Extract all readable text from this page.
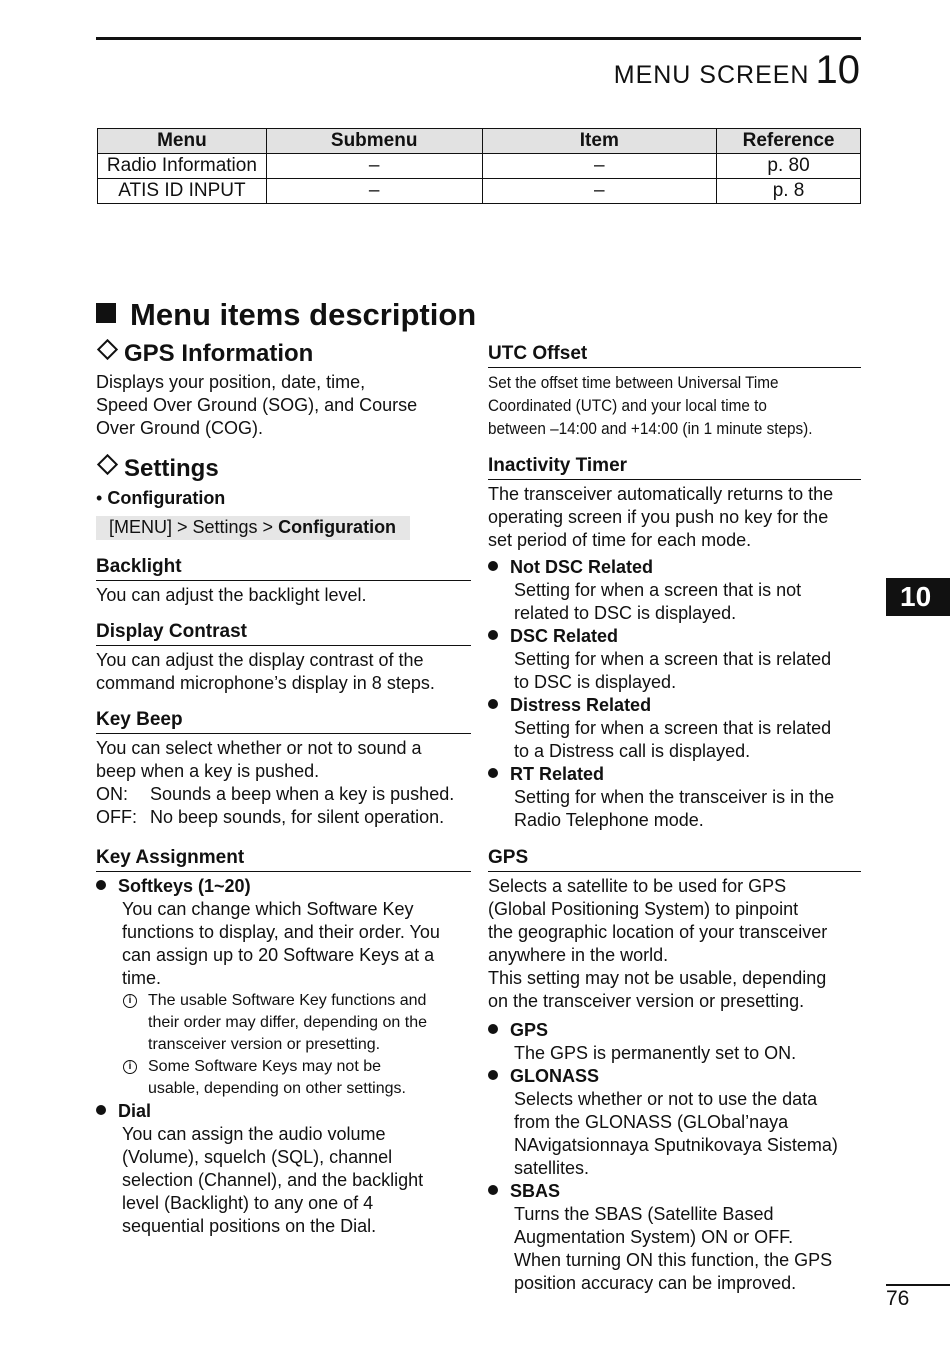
MENU SCREEN 10
Menu	Submenu	Item	Reference
Radio Information	–	–	p. 80
ATIS ID INPUT	–	–	p. 8
Menu items description
GPS Information

Displays your position, date, time,

Speed Over Ground (SOG), and Course

Over Ground (COG).

Settings

• Configuration

[MENU] > Settings > Configuration
Backlight

You can adjust the backlight level.

Display Contrast

You can adjust the display contrast of the

command microphone’s display in 8 steps.

Key Beep

You can select whether or not to sound a

beep when a key is pushed.

ON:	Sounds a beep when a key is pushed.
OFF: No beep sounds, for silent operation.
Key Assignment

Softkeys (1~20)

You can change which Software Key

functions to display, and their order. You

can assign up to 20 Software Keys at a

time.

i	The usable Software Key functions and
their order may differ, depending on the
transceiver version or presetting.
i	Some Software Keys may not be
usable, depending on other settings.

Dial

You can assign the audio volume

(Volume), squelch (SQL), channel

selection (Channel), and the backlight

level (Backlight) to any one of 4

sequential positions on the Dial.

UTC Offset

Set the offset time between Universal Time

Coordinated (UTC) and your local time to

between –14:00 and +14:00 (in 1 minute steps).

Inactivity Timer

The transceiver automatically returns to the

operating screen if you push no key for the

set period of time for each mode.

Not DSC Related

Setting for when a screen that is not

related to DSC is displayed.

DSC Related

Setting for when a screen that is related

to DSC is displayed.

Distress Related

Setting for when a screen that is related

to a Distress call is displayed.

RT Related

Setting for when the transceiver is in the

Radio Telephone mode.

GPS

Selects a satellite to be used for GPS

(Global Positioning System) to pinpoint

the geographic location of your transceiver

anywhere in the world.

This setting may not be usable, depending

on the transceiver version or presetting.

GPS

The GPS is permanently set to ON.

GLONASS

Selects whether or not to use the data

from the GLONASS (GLObal’naya

NAvigatsionnaya Sputnikovaya Sistema)

satellites.

SBAS

Turns the SBAS (Satellite Based

Augmentation System) ON or OFF.

When turning ON this function, the GPS

position accuracy can be improved.

10
76
